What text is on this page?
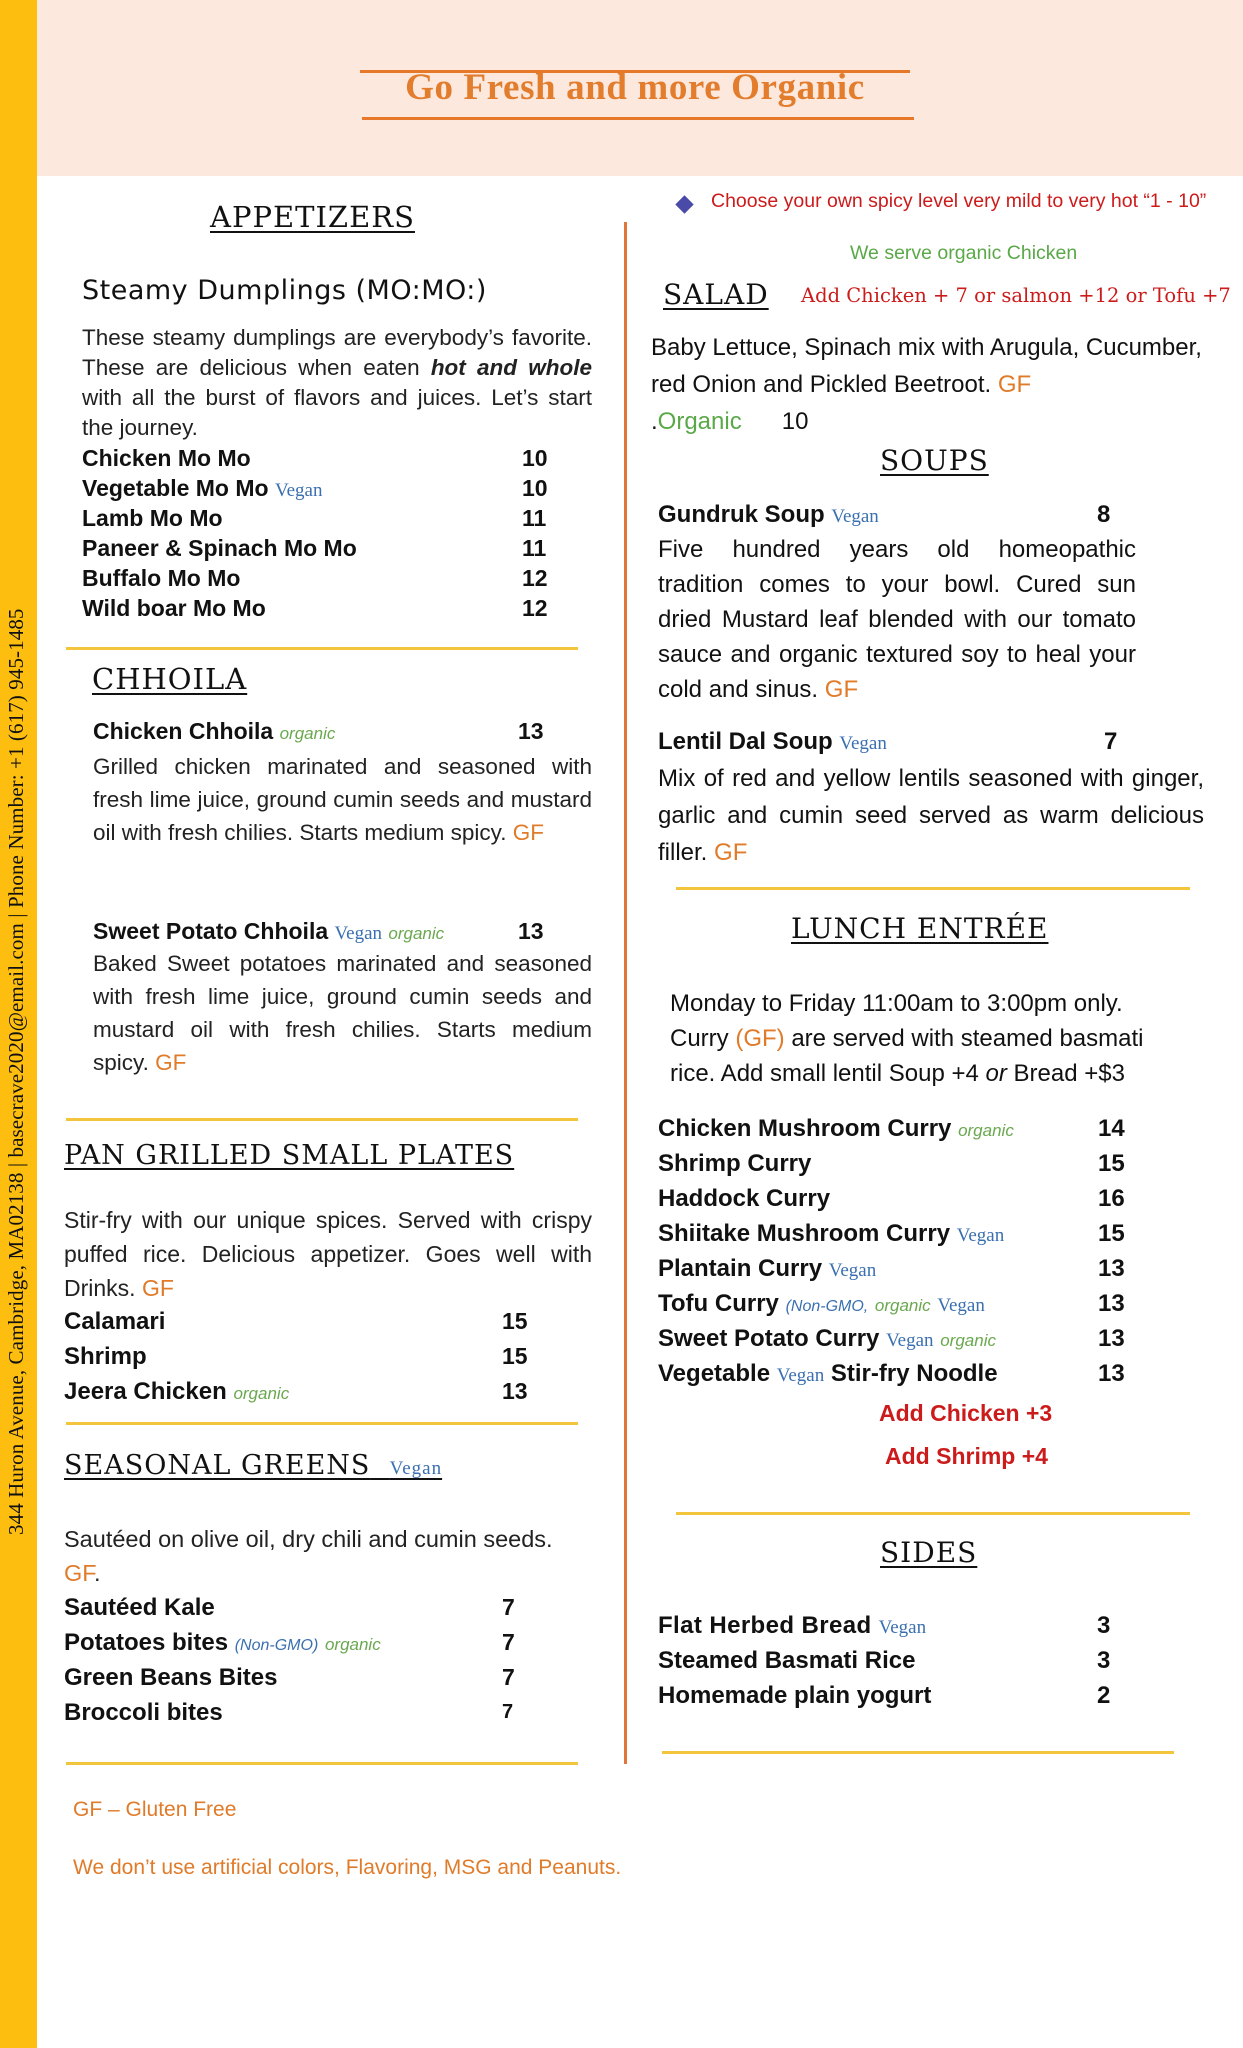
344 Huron Avenue, Cambridge, MA02138 | basecrave2020@email.com | Phone Number: +1 (617) 945-1485
Go Fresh and more Organic
APPETIZERS
Steamy Dumplings (MO:MO:)
These steamy dumplings are everybody’s favorite. These are delicious when eaten hot and whole with all the burst of flavors and juices. Let’s start the journey.
Chicken Mo Mo	10
Vegetable Mo Mo Vegan	10
Lamb Mo Mo	11
Paneer & Spinach Mo Mo	11
Buffalo Mo Mo	12
Wild boar Mo Mo	12
CHHOILA
Chicken Chhoila organic	13
Grilled chicken marinated and seasoned with fresh lime juice, ground cumin seeds and mustard oil with fresh chilies. Starts medium spicy. GF
Sweet Potato Chhoila Vegan organic	13
Baked Sweet potatoes marinated and seasoned with fresh lime juice, ground cumin seeds and mustard oil with fresh chilies. Starts medium spicy. GF
PAN GRILLED SMALL PLATES
Stir-fry with our unique spices. Served with crispy puffed rice. Delicious appetizer. Goes well with Drinks. GF
Calamari	15
Shrimp	15
Jeera Chicken organic	13
SEASONAL GREENS Vegan
Sautéed on olive oil, dry chili and cumin seeds.
GF.
Sautéed Kale	7
Potatoes bites (Non-GMO) organic	7
Green Beans Bites	7
Broccoli bites	7
GF – Gluten Free
We don’t use artificial colors, Flavoring, MSG and Peanuts.
Choose your own spicy level very mild to very hot “1 - 10”
We serve organic Chicken
SALAD Add Chicken + 7 or salmon +12 or Tofu +7
Baby Lettuce, Spinach mix with Arugula, Cucumber, red Onion and Pickled Beetroot. GF
.Organic 10
SOUPS
Gundruk Soup Vegan	8
Five hundred years old homeopathic tradition comes to your bowl. Cured sun dried Mustard leaf blended with our tomato sauce and organic textured soy to heal your cold and sinus. GF
Lentil Dal Soup Vegan	7
Mix of red and yellow lentils seasoned with ginger, garlic and cumin seed served as warm delicious filler. GF
LUNCH ENTRÉE
Monday to Friday 11:00am to 3:00pm only.
Curry (GF) are served with steamed basmati
rice. Add small lentil Soup +4 or Bread +$3
Chicken Mushroom Curry organic	14
Shrimp Curry	15
Haddock Curry	16
Shiitake Mushroom Curry Vegan	15
Plantain Curry Vegan	13
Tofu Curry (Non-GMO, organic Vegan	13
Sweet Potato Curry Vegan organic	13
Vegetable Vegan Stir-fry Noodle	13
Add Chicken +3
Add Shrimp +4
SIDES
Flat Herbed Bread Vegan	3
Steamed Basmati Rice	3
Homemade plain yogurt	2
